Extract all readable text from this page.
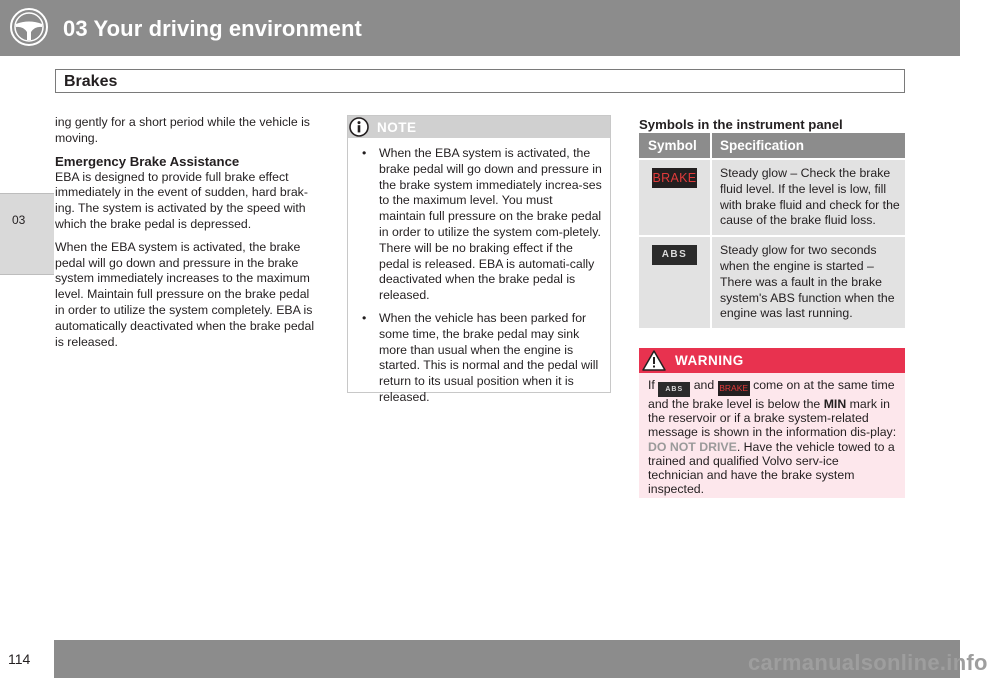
03 Your driving environment
03
Brakes

ing gently for a short period while the vehicle is moving.

Emergency Brake Assistance

EBA is designed to provide full brake effect immediately in the event of sudden, hard brak-ing. The system is activated by the speed with which the brake pedal is depressed.

When the EBA system is activated, the brake pedal will go down and pressure in the brake system immediately increases to the maximum level. Maintain full pressure on the brake pedal in order to utilize the system completely. EBA is automatically deactivated when the brake pedal is released.

NOTE
• When the EBA system is activated, the brake pedal will go down and pressure in the brake system immediately increa-ses to the maximum level. You must maintain full pressure on the brake pedal in order to utilize the system com-pletely. There will be no braking effect if the pedal is released. EBA is automati-cally deactivated when the brake pedal is released.
• When the vehicle has been parked for some time, the brake pedal may sink more than usual when the engine is started. This is normal and the pedal will return to its usual position when it is released.
Symbols in the instrument panel
Symbol	Specification
BRAKE	Steady glow – Check the brake fluid level. If the level is low, fill with brake fluid and check for the cause of the brake fluid loss.
ABS	Steady glow for two seconds when the engine is started – There was a fault in the brake system's ABS function when the engine was last running.
WARNING
If ABS and BRAKE come on at the same time and the brake level is below the MIN mark in the reservoir or if a brake system-related message is shown in the information dis-play: DO NOT DRIVE. Have the vehicle towed to a trained and qualified Volvo serv-ice technician and have the brake system inspected.
114	carmanualsonline.info
